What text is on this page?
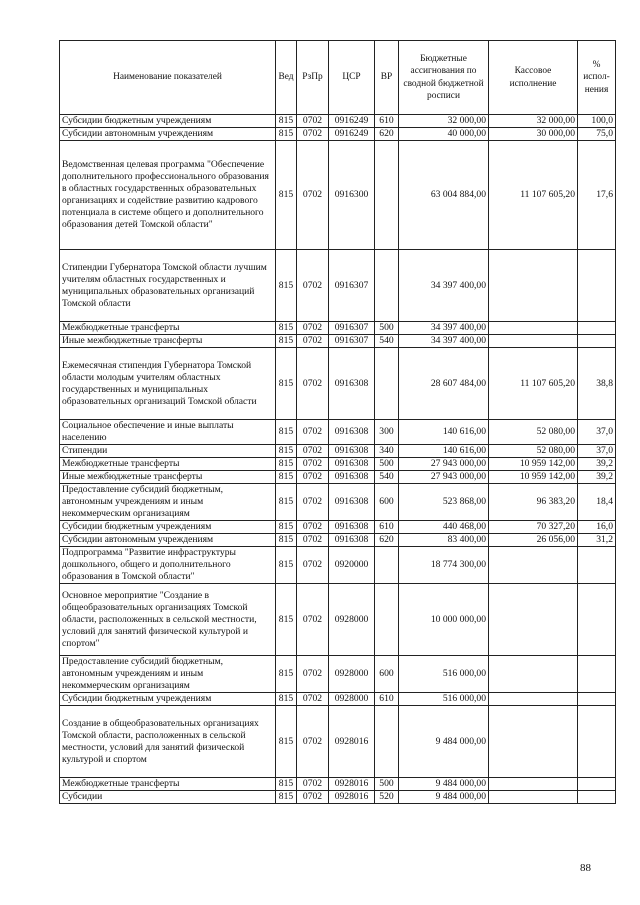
Наименование показателей	Вед	РзПр	ЦСР	ВР	Бюджетные ассигнования по сводной бюджетной росписи	Кассовое исполнение	% испол-нения
Субсидии бюджетным учреждениям	815	0702	0916249	610	32 000,00	32 000,00	100,0
Субсидии автономным учреждениям	815	0702	0916249	620	40 000,00	30 000,00	75,0
Ведомственная целевая программа "Обеспечение дополнительного профессионального образования в областных государственных образовательных организациях и содействие развитию кадрового потенциала в системе общего и дополнительного образования детей Томской области"	815	0702	0916300		63 004 884,00	11 107 605,20	17,6
Стипендии Губернатора Томской области лучшим учителям областных государственных и муниципальных образовательных организаций Томской области	815	0702	0916307		34 397 400,00		
Межбюджетные трансферты	815	0702	0916307	500	34 397 400,00		
Иные межбюджетные трансферты	815	0702	0916307	540	34 397 400,00		
Ежемесячная стипендия Губернатора Томской области молодым учителям областных государственных и муниципальных образовательных организаций Томской области	815	0702	0916308		28 607 484,00	11 107 605,20	38,8
Социальное обеспечение и иные выплаты населению	815	0702	0916308	300	140 616,00	52 080,00	37,0
Стипендии	815	0702	0916308	340	140 616,00	52 080,00	37,0
Межбюджетные трансферты	815	0702	0916308	500	27 943 000,00	10 959 142,00	39,2
Иные межбюджетные трансферты	815	0702	0916308	540	27 943 000,00	10 959 142,00	39,2
Предоставление субсидий бюджетным, автономным учреждениям и иным некоммерческим организациям	815	0702	0916308	600	523 868,00	96 383,20	18,4
Субсидии бюджетным учреждениям	815	0702	0916308	610	440 468,00	70 327,20	16,0
Субсидии автономным учреждениям	815	0702	0916308	620	83 400,00	26 056,00	31,2
Подпрограмма "Развитие инфраструктуры дошкольного, общего и дополнительного образования в Томской области"	815	0702	0920000		18 774 300,00		
Основное мероприятие "Создание в общеобразовательных организациях Томской области, расположенных в сельской местности, условий для занятий физической культурой и спортом"	815	0702	0928000		10 000 000,00		
Предоставление субсидий бюджетным, автономным учреждениям и иным некоммерческим организациям	815	0702	0928000	600	516 000,00		
Субсидии бюджетным учреждениям	815	0702	0928000	610	516 000,00		
Создание в общеобразовательных организациях Томской области, расположенных в сельской местности, условий для занятий физической культурой и спортом	815	0702	0928016		9 484 000,00		
Межбюджетные трансферты	815	0702	0928016	500	9 484 000,00		
Субсидии	815	0702	0928016	520	9 484 000,00		
88
